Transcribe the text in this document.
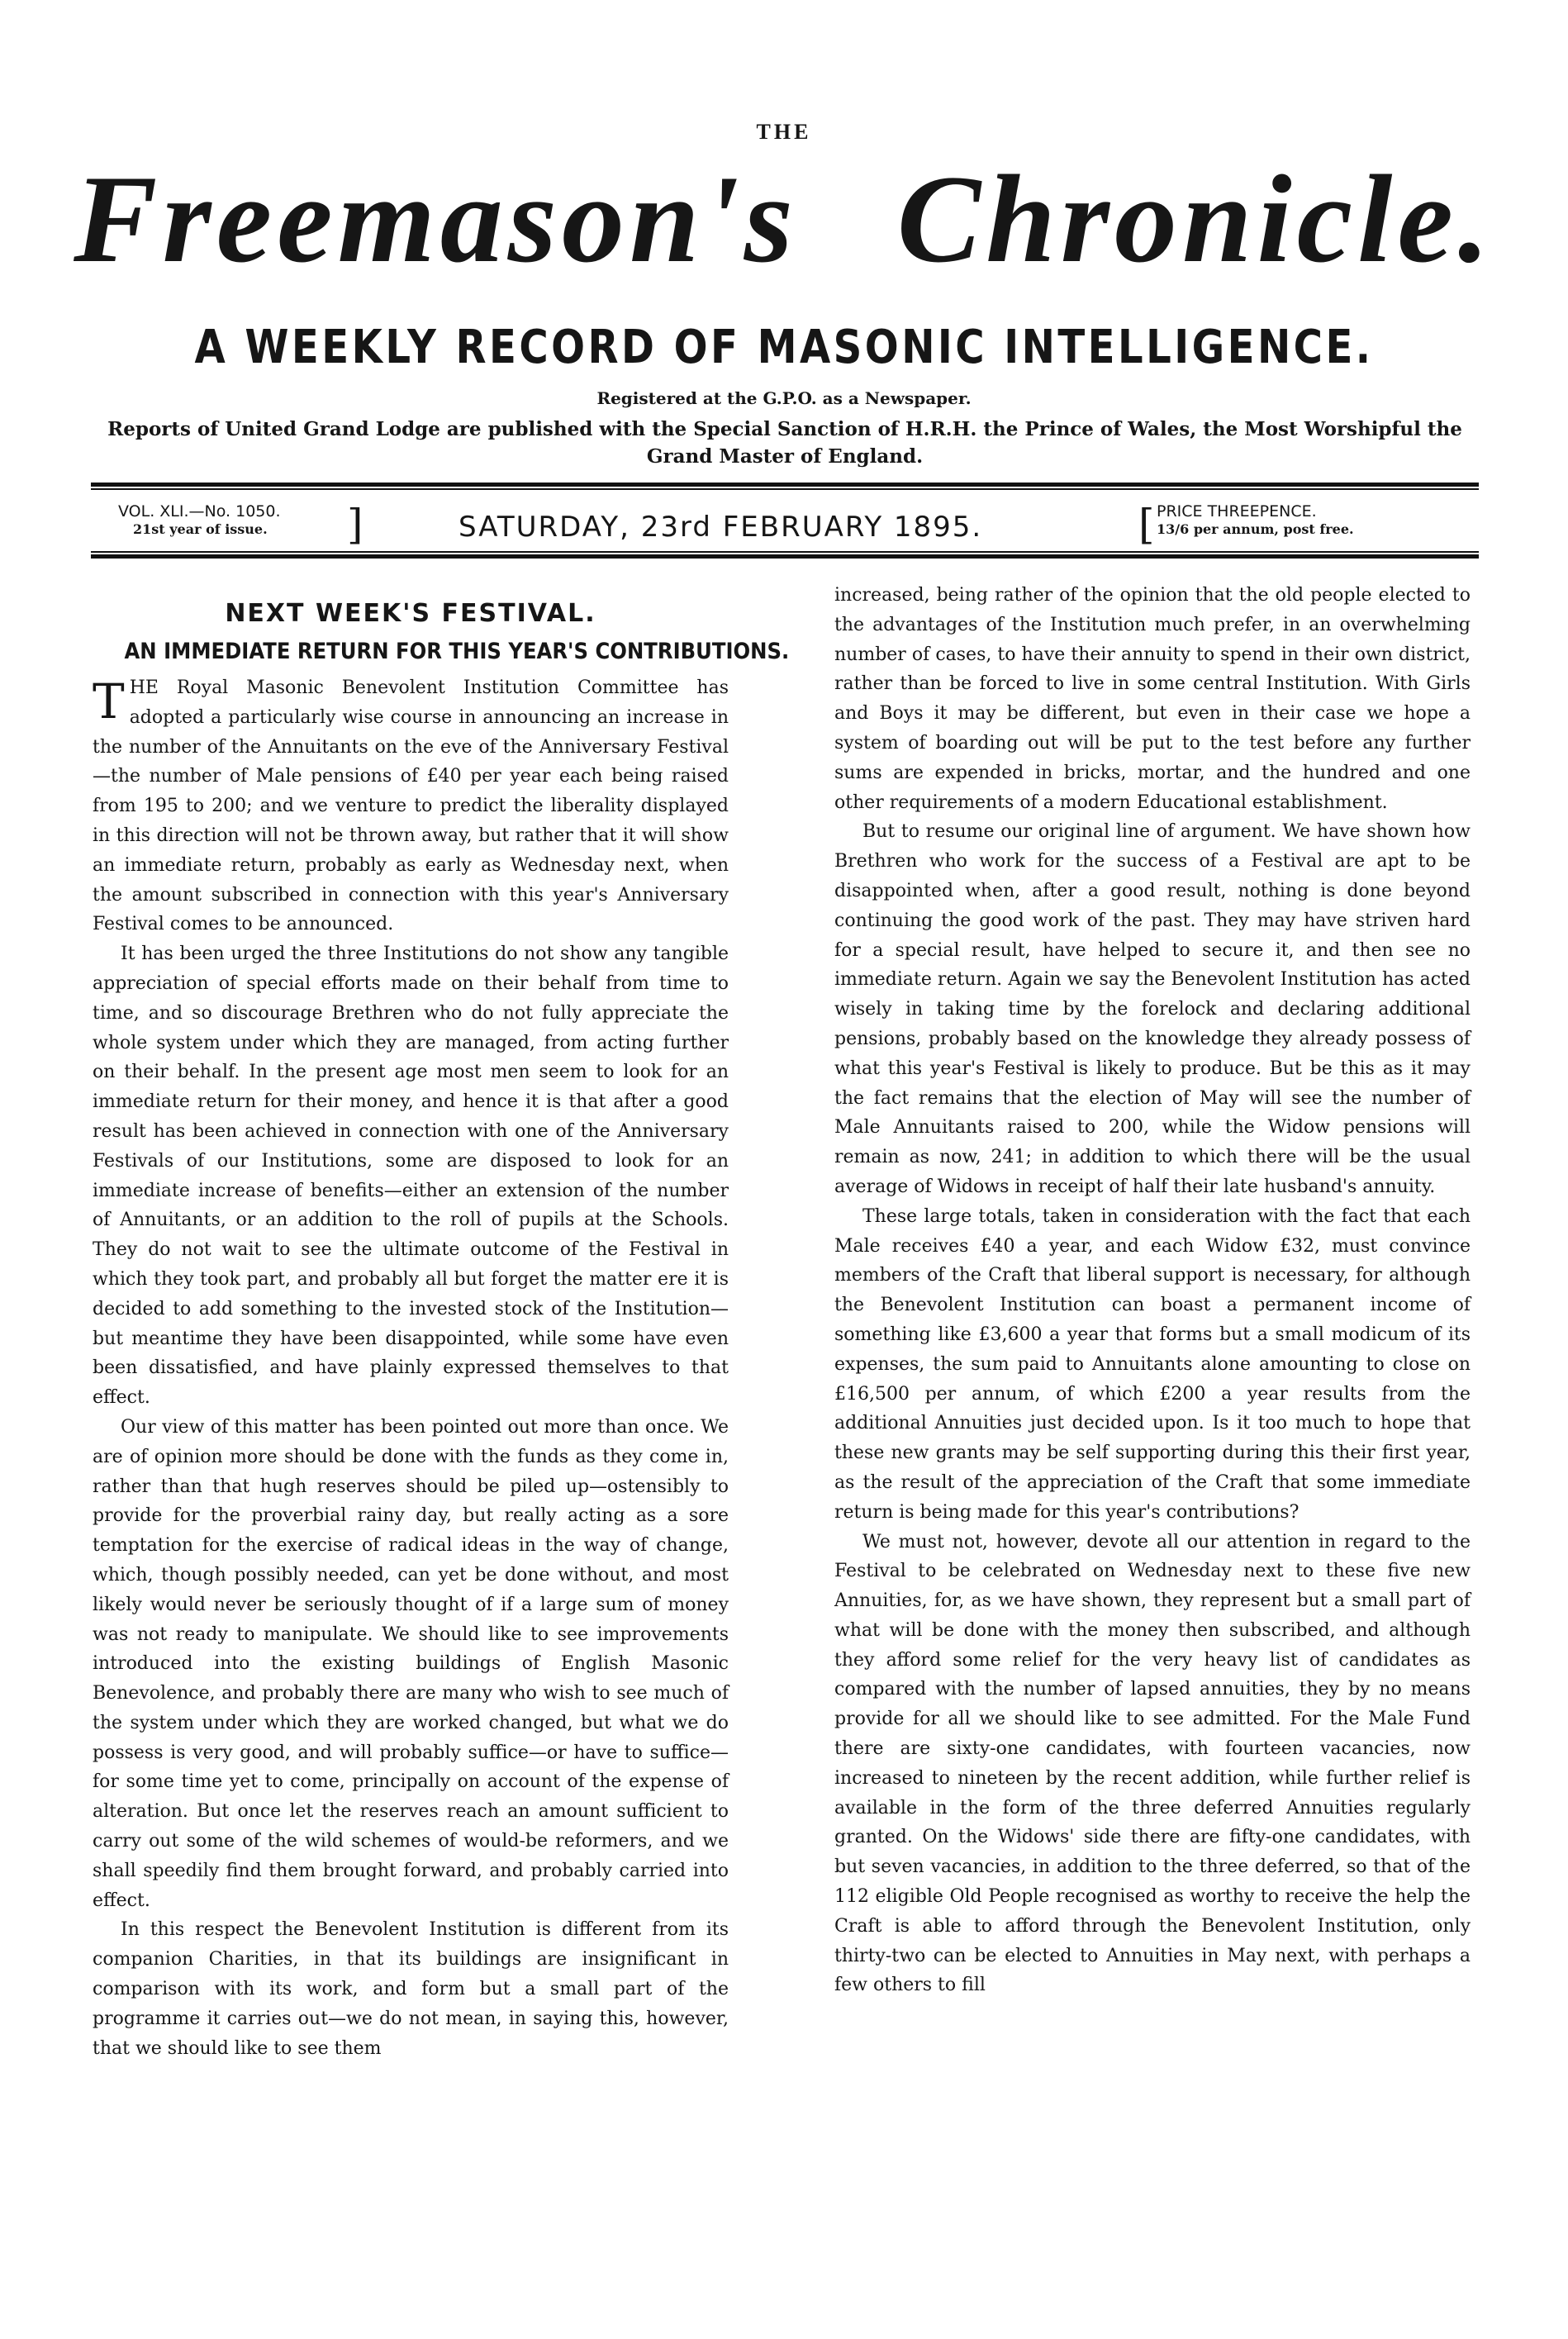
THE
Freemason's Chronicle.
A WEEKLY RECORD OF MASONIC INTELLIGENCE.
Registered at the G.P.O. as a Newspaper.
Reports of United Grand Lodge are published with the Special Sanction of H.R.H. the Prince of Wales, the Most Worshipful the Grand Master of England.
VOL. XLI.—No. 1050.
21st year of issue.	]	SATURDAY, 23rd FEBRUARY 1895.	[ PRICE THREEPENCE.
13/6 per annum, post free.
NEXT WEEK'S FESTIVAL.
AN IMMEDIATE RETURN FOR THIS YEAR'S CONTRIBUTIONS.

THE Royal Masonic Benevolent Institution Committee has adopted a particularly wise course in announcing an increase in the number of the Annuitants on the eve of the Anniversary Festival—the number of Male pensions of £40 per year each being raised from 195 to 200; and we venture to predict the liberality displayed in this direction will not be thrown away, but rather that it will show an immediate return, probably as early as Wednesday next, when the amount subscribed in connection with this year's Anniversary Festival comes to be announced.

It has been urged the three Institutions do not show any tangible appreciation of special efforts made on their behalf from time to time, and so discourage Brethren who do not fully appreciate the whole system under which they are managed, from acting further on their behalf. In the present age most men seem to look for an immediate return for their money, and hence it is that after a good result has been achieved in connection with one of the Anniversary Festivals of our Institutions, some are disposed to look for an immediate increase of benefits—either an extension of the number of Annuitants, or an addition to the roll of pupils at the Schools. They do not wait to see the ultimate outcome of the Festival in which they took part, and probably all but forget the matter ere it is decided to add something to the invested stock of the Institution—but meantime they have been disappointed, while some have even been dissatisfied, and have plainly expressed themselves to that effect.

Our view of this matter has been pointed out more than once. We are of opinion more should be done with the funds as they come in, rather than that hugh reserves should be piled up—ostensibly to provide for the proverbial rainy day, but really acting as a sore temptation for the exercise of radical ideas in the way of change, which, though possibly needed, can yet be done without, and most likely would never be seriously thought of if a large sum of money was not ready to manipulate. We should like to see improvements introduced into the existing buildings of English Masonic Benevolence, and probably there are many who wish to see much of the system under which they are worked changed, but what we do possess is very good, and will probably suffice—or have to suffice—for some time yet to come, principally on account of the expense of alteration. But once let the reserves reach an amount sufficient to carry out some of the wild schemes of would-be reformers, and we shall speedily find them brought forward, and probably carried into effect.

In this respect the Benevolent Institution is different from its companion Charities, in that its buildings are insignificant in comparison with its work, and form but a small part of the programme it carries out—we do not mean, in saying this, however, that we should like to see them

increased, being rather of the opinion that the old people elected to the advantages of the Institution much prefer, in an overwhelming number of cases, to have their annuity to spend in their own district, rather than be forced to live in some central Institution. With Girls and Boys it may be different, but even in their case we hope a system of boarding out will be put to the test before any further sums are expended in bricks, mortar, and the hundred and one other requirements of a modern Educational establishment.

But to resume our original line of argument. We have shown how Brethren who work for the success of a Festival are apt to be disappointed when, after a good result, nothing is done beyond continuing the good work of the past. They may have striven hard for a special result, have helped to secure it, and then see no immediate return. Again we say the Benevolent Institution has acted wisely in taking time by the forelock and declaring additional pensions, probably based on the knowledge they already possess of what this year's Festival is likely to produce. But be this as it may the fact remains that the election of May will see the number of Male Annuitants raised to 200, while the Widow pensions will remain as now, 241; in addition to which there will be the usual average of Widows in receipt of half their late husband's annuity.

These large totals, taken in consideration with the fact that each Male receives £40 a year, and each Widow £32, must convince members of the Craft that liberal support is necessary, for although the Benevolent Institution can boast a permanent income of something like £3,600 a year that forms but a small modicum of its expenses, the sum paid to Annuitants alone amounting to close on £16,500 per annum, of which £200 a year results from the additional Annuities just decided upon. Is it too much to hope that these new grants may be self supporting during this their first year, as the result of the appreciation of the Craft that some immediate return is being made for this year's contributions?

We must not, however, devote all our attention in regard to the Festival to be celebrated on Wednesday next to these five new Annuities, for, as we have shown, they represent but a small part of what will be done with the money then subscribed, and although they afford some relief for the very heavy list of candidates as compared with the number of lapsed annuities, they by no means provide for all we should like to see admitted. For the Male Fund there are sixty-one candidates, with fourteen vacancies, now increased to nineteen by the recent addition, while further relief is available in the form of the three deferred Annuities regularly granted. On the Widows' side there are fifty-one candidates, with but seven vacancies, in addition to the three deferred, so that of the 112 eligible Old People recognised as worthy to receive the help the Craft is able to afford through the Benevolent Institution, only thirty-two can be elected to Annuities in May next, with perhaps a few others to fill
